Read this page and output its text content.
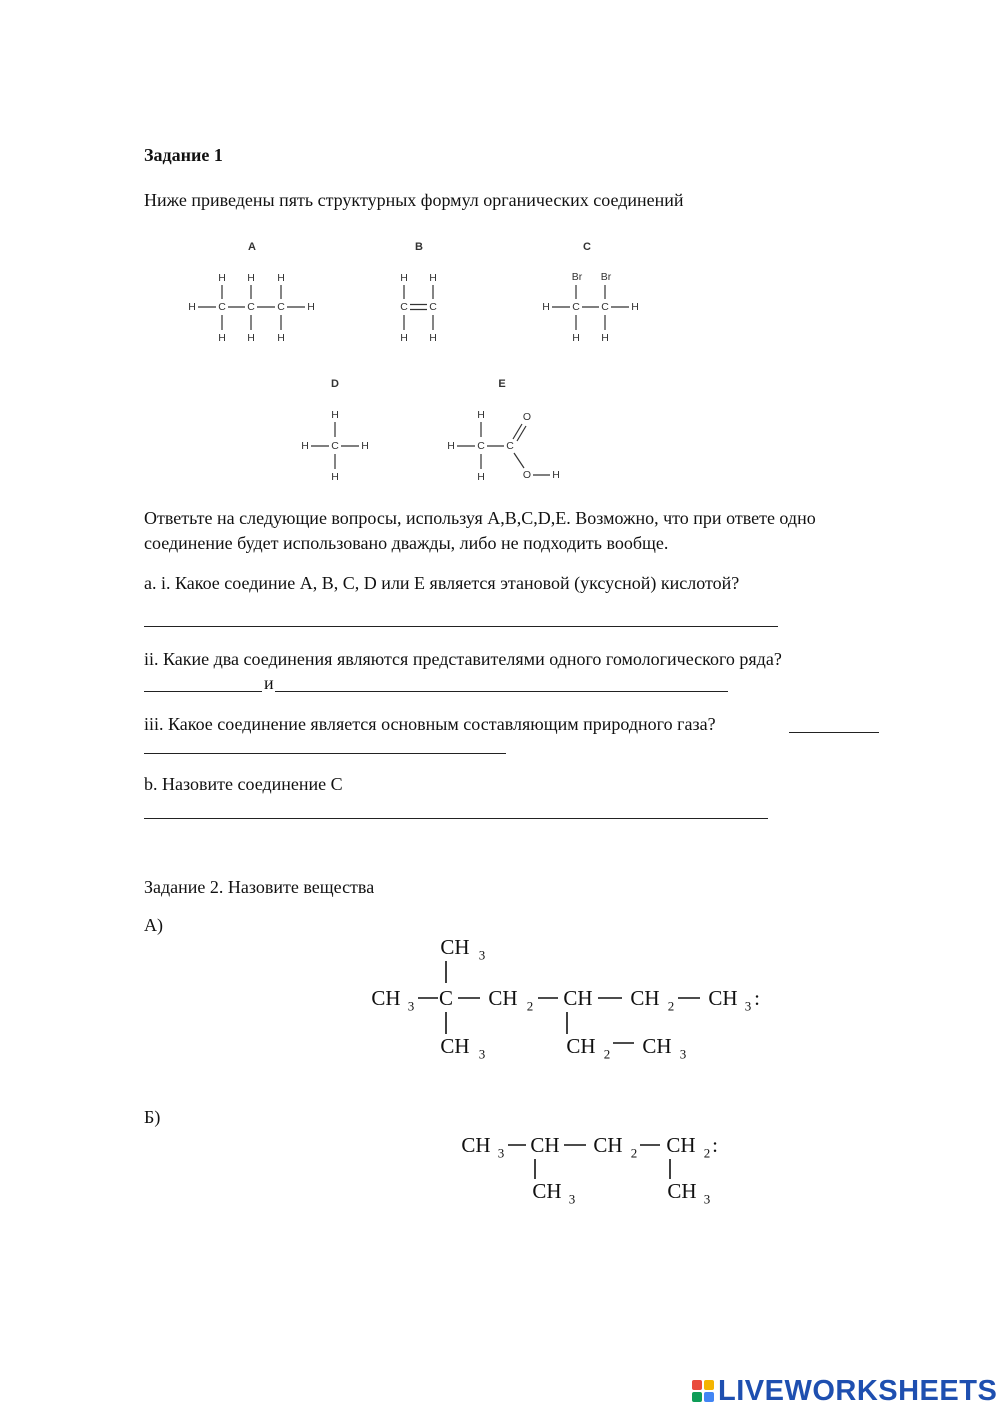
Задание 1

Ниже приведены пять структурных формул органических соединений

A
H H H
H C C C H
H H H
B
H H
C C
H H
C
Br Br
H C C H
H H
D
H
H C H
H
E
H
H C C
O
O H
H

Ответьте на следующие вопросы, используя A,B,C,D,E. Возможно, что при ответе одно

соединение будет использовано дважды, либо не подходить вообще.

a. i. Какое соединие A, B, C, D или E является этановой (уксусной) кислотой?

ii. Какие два соединения являются представителями одного гомологического ряда?

и

iii. Какое соединение является основным составляющим природного газа?

b. Назовите соединение C

Задание 2. Назовите вещества

А)

CH 3
CH 3 C CH 2 CH CH 2 CH 3 :
CH 3	CH 2 CH 3

Б)

CH 3 CH CH 2 CH 2 :
CH 3	CH 3
LIVEWORKSHEETS
